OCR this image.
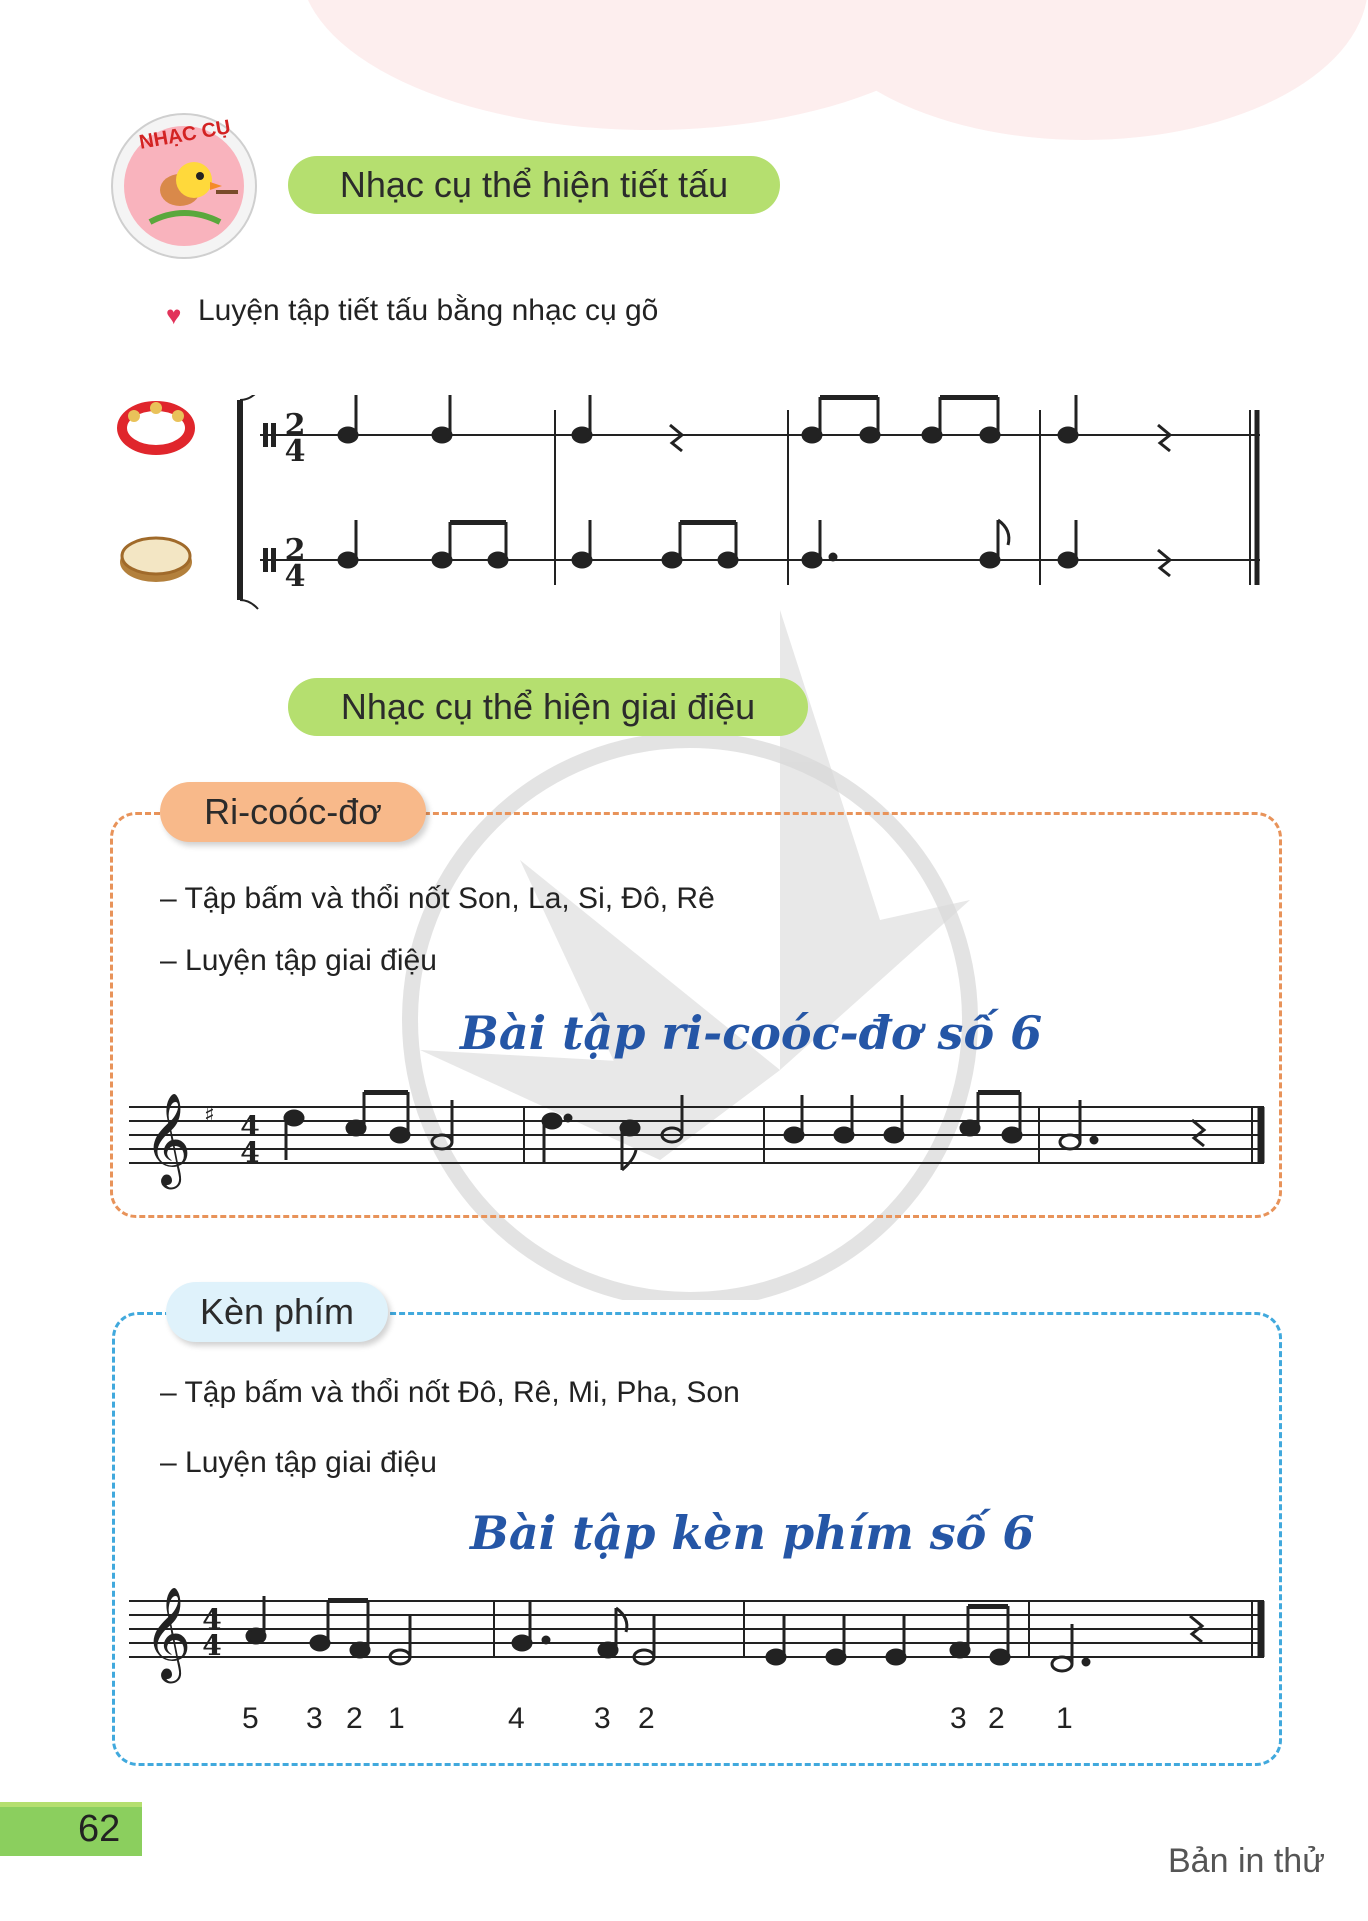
NHẠC CỤ
Nhạc cụ thể hiện tiết tấu
♥ Luyện tập tiết tấu bằng nhạc cụ gõ
2
4
2
4
Nhạc cụ thể hiện giai điệu
Ri-coóc-đơ
– Tập bấm và thổi nốt Son, La, Si, Đô, Rê
– Luyện tập giai điệu
Bài tập ri-coóc-đơ số 6
𝄞 ♯ 4
4
Kèn phím
– Tập bấm và thổi nốt Đô, Rê, Mi, Pha, Son
– Luyện tập giai điệu
Bài tập kèn phím số 6
𝄞 4
4
5 3 2 1	4 3 2	3 2 1
62
Bản in thử
